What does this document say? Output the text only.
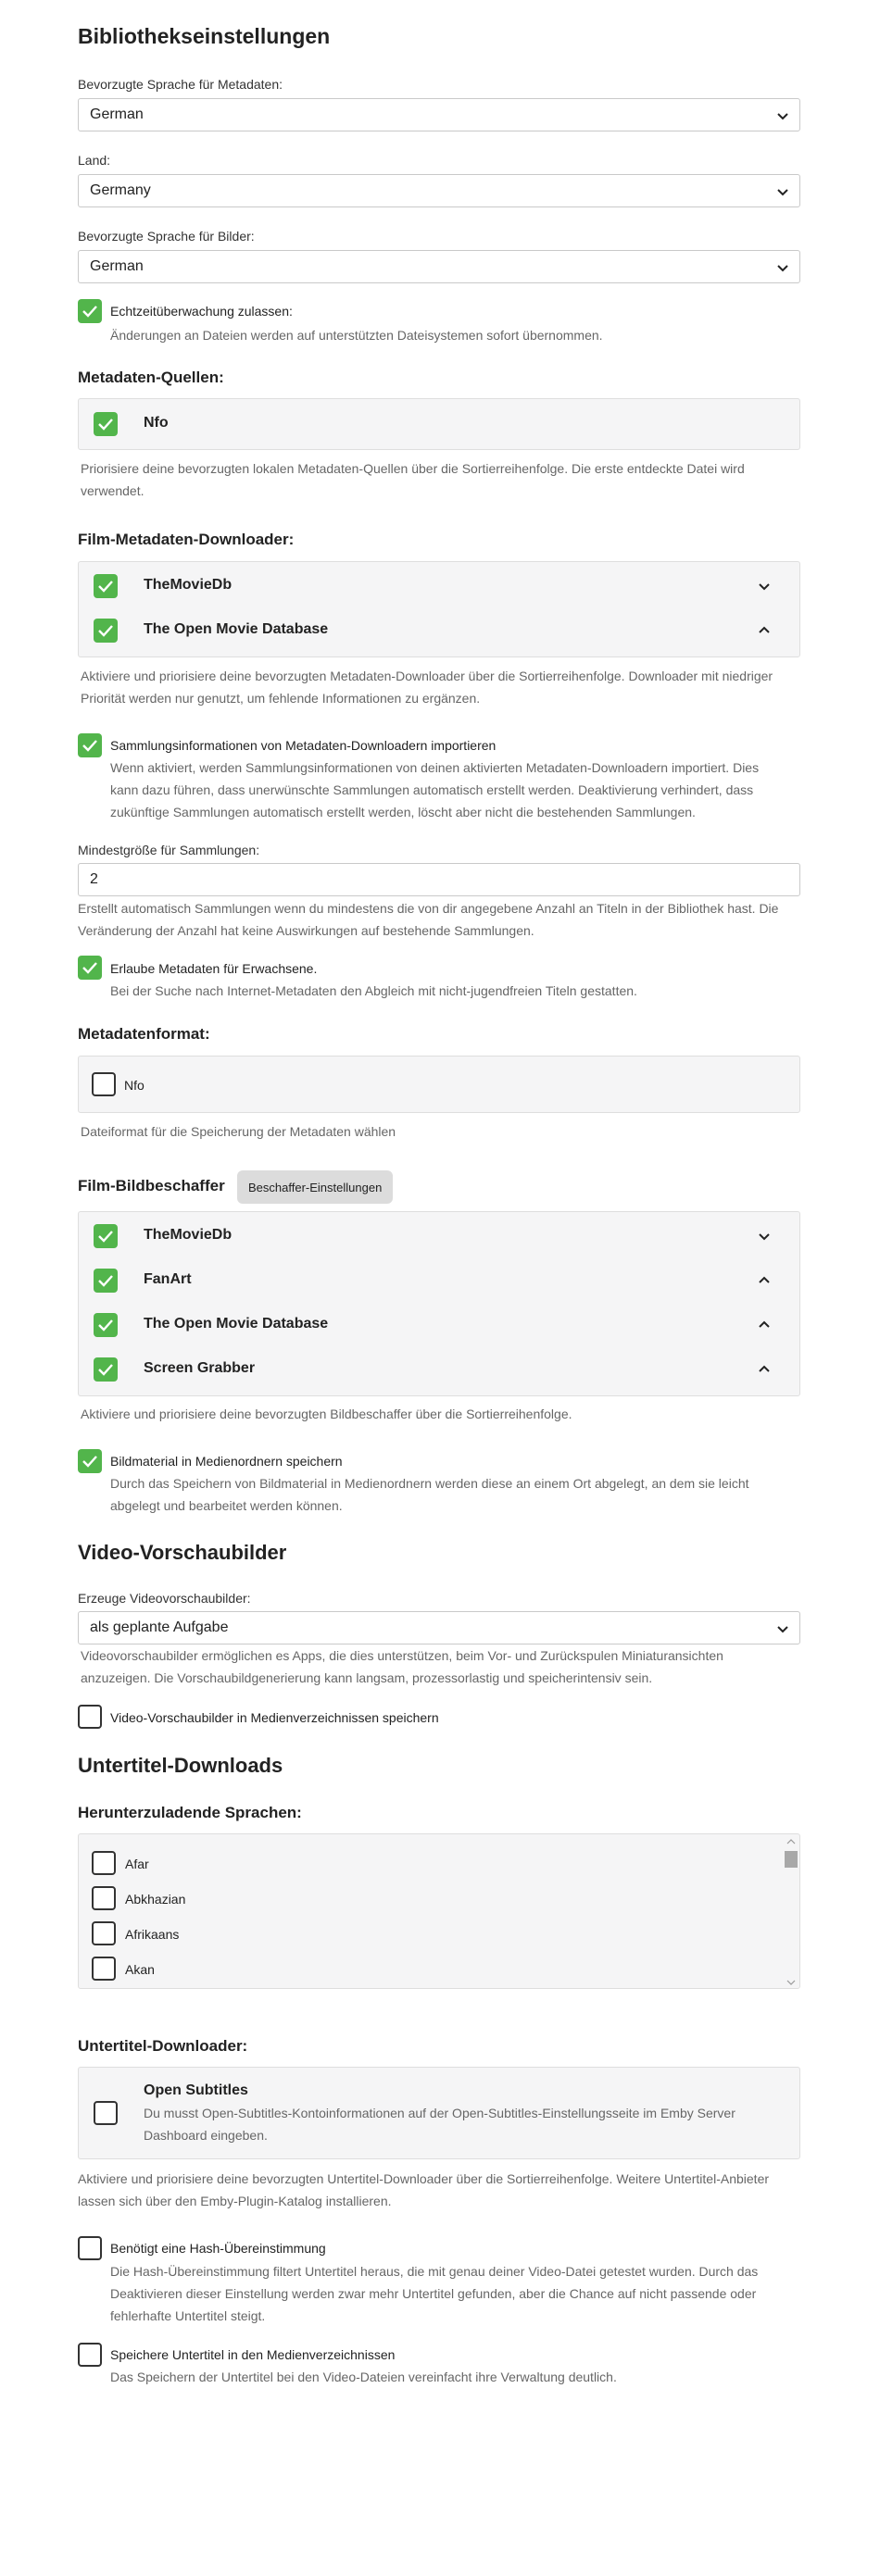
Bibliothekseinstellungen
Bevorzugte Sprache für Metadaten:
German
Land:
Germany
Bevorzugte Sprache für Bilder:
German
Echtzeitüberwachung zulassen:
Änderungen an Dateien werden auf unterstützten Dateisystemen sofort übernommen.
Metadaten-Quellen:
Nfo
Priorisiere deine bevorzugten lokalen Metadaten-Quellen über die Sortierreihenfolge. Die erste entdeckte Datei wird
verwendet.
Film-Metadaten-Downloader:
TheMovieDb
The Open Movie Database
Aktiviere und priorisiere deine bevorzugten Metadaten-Downloader über die Sortierreihenfolge. Downloader mit niedriger
Priorität werden nur genutzt, um fehlende Informationen zu ergänzen.
Sammlungsinformationen von Metadaten-Downloadern importieren
Wenn aktiviert, werden Sammlungsinformationen von deinen aktivierten Metadaten-Downloadern importiert. Dies
kann dazu führen, dass unerwünschte Sammlungen automatisch erstellt werden. Deaktivierung verhindert, dass
zukünftige Sammlungen automatisch erstellt werden, löscht aber nicht die bestehenden Sammlungen.
Mindestgröße für Sammlungen:
2
Erstellt automatisch Sammlungen wenn du mindestens die von dir angegebene Anzahl an Titeln in der Bibliothek hast. Die
Veränderung der Anzahl hat keine Auswirkungen auf bestehende Sammlungen.
Erlaube Metadaten für Erwachsene.
Bei der Suche nach Internet-Metadaten den Abgleich mit nicht-jugendfreien Titeln gestatten.
Metadatenformat:
Nfo
Dateiformat für die Speicherung der Metadaten wählen
Film-Bildbeschaffer	Beschaffer-Einstellungen
TheMovieDb
FanArt
The Open Movie Database
Screen Grabber
Aktiviere und priorisiere deine bevorzugten Bildbeschaffer über die Sortierreihenfolge.
Bildmaterial in Medienordnern speichern
Durch das Speichern von Bildmaterial in Medienordnern werden diese an einem Ort abgelegt, an dem sie leicht
abgelegt und bearbeitet werden können.
Video-Vorschaubilder
Erzeuge Videovorschaubilder:
als geplante Aufgabe
Videovorschaubilder ermöglichen es Apps, die dies unterstützen, beim Vor- und Zurückspulen Miniaturansichten
anzuzeigen. Die Vorschaubildgenerierung kann langsam, prozessorlastig und speicherintensiv sein.
Video-Vorschaubilder in Medienverzeichnissen speichern
Untertitel-Downloads
Herunterzuladende Sprachen:
Afar
Abkhazian
Afrikaans
Akan
Untertitel-Downloader:
Open Subtitles
Du musst Open-Subtitles-Kontoinformationen auf der Open-Subtitles-Einstellungsseite im Emby Server
Dashboard eingeben.
Aktiviere und priorisiere deine bevorzugten Untertitel-Downloader über die Sortierreihenfolge. Weitere Untertitel-Anbieter
lassen sich über den Emby-Plugin-Katalog installieren.
Benötigt eine Hash-Übereinstimmung
Die Hash-Übereinstimmung filtert Untertitel heraus, die mit genau deiner Video-Datei getestet wurden. Durch das
Deaktivieren dieser Einstellung werden zwar mehr Untertitel gefunden, aber die Chance auf nicht passende oder
fehlerhafte Untertitel steigt.
Speichere Untertitel in den Medienverzeichnissen
Das Speichern der Untertitel bei den Video-Dateien vereinfacht ihre Verwaltung deutlich.
